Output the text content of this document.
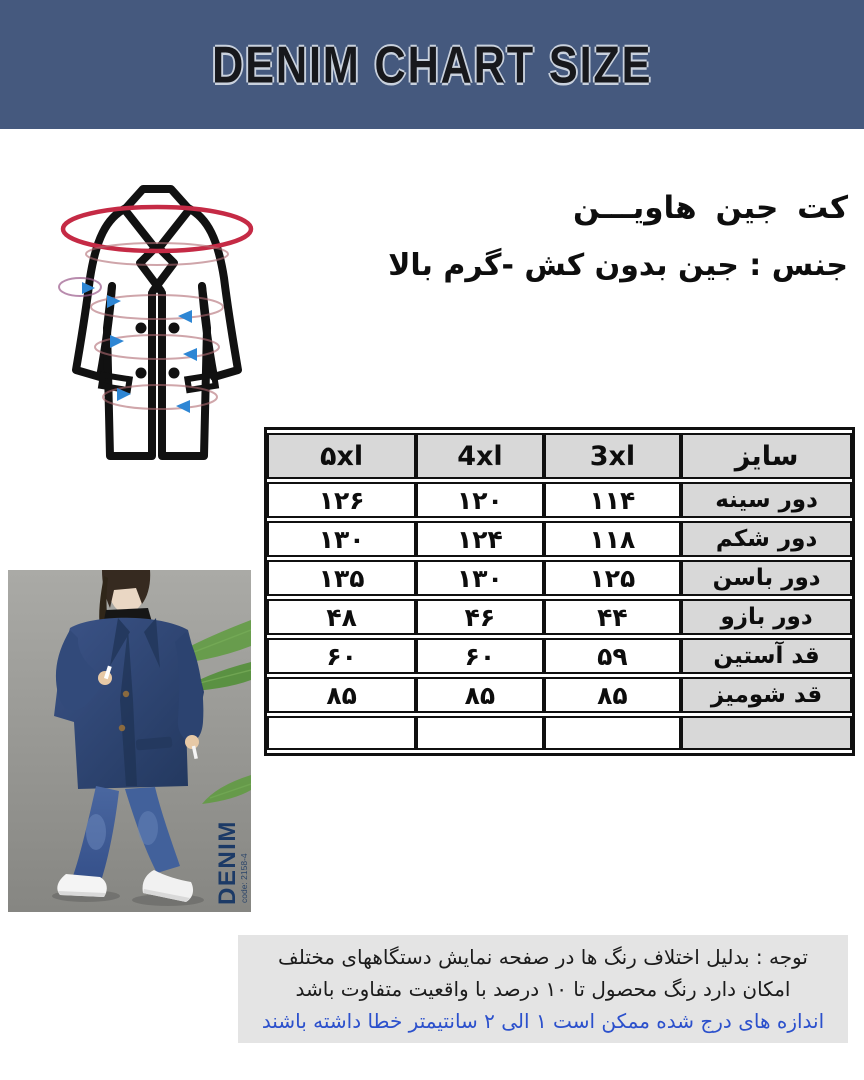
DENIM CHART SIZE
کت جین هاویـــن
جنس : جین بدون کش -گرم بالا
۵xl	4xl	3xl	سایز
۱۲۶	۱۲۰	۱۱۴	دور سینه
۱۳۰	۱۲۴	۱۱۸	دور شکم
۱۳۵	۱۳۰	۱۲۵	دور باسن
۴۸	۴۶	۴۴	دور بازو
۶۰	۶۰	۵۹	قد آستین
۸۵	۸۵	۸۵	قد شومیز

DENIM
code: 2158-4
توجه : بدلیل اختلاف رنگ ها در صفحه نمایش دستگاههای مختلف
امکان دارد رنگ محصول تا ۱۰ درصد با واقعیت متفاوت باشد
اندازه های درج شده ممکن است ۱ الی ۲ سانتیمتر خطا داشته باشند
